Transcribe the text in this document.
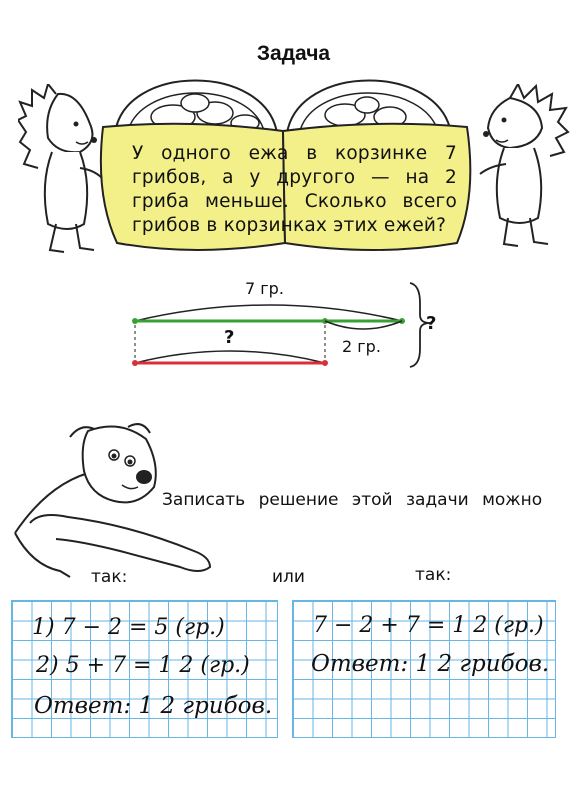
Задача
У одного ежа в корзинке 7 грибов, а у другого — на 2 гриба меньше. Сколько всего грибов в корзинках этих ежей?
7 гр.
?	2 гр.
?
Записать решение этой задачи можно
так:	или	так:
1) 7 − 2 = 5 (гр.)
2) 5 + 7 = 1 2 (гр.)
Ответ: 1 2 грибов.
7 − 2 + 7 = 1 2 (гр.)
Ответ: 1 2 грибов.
